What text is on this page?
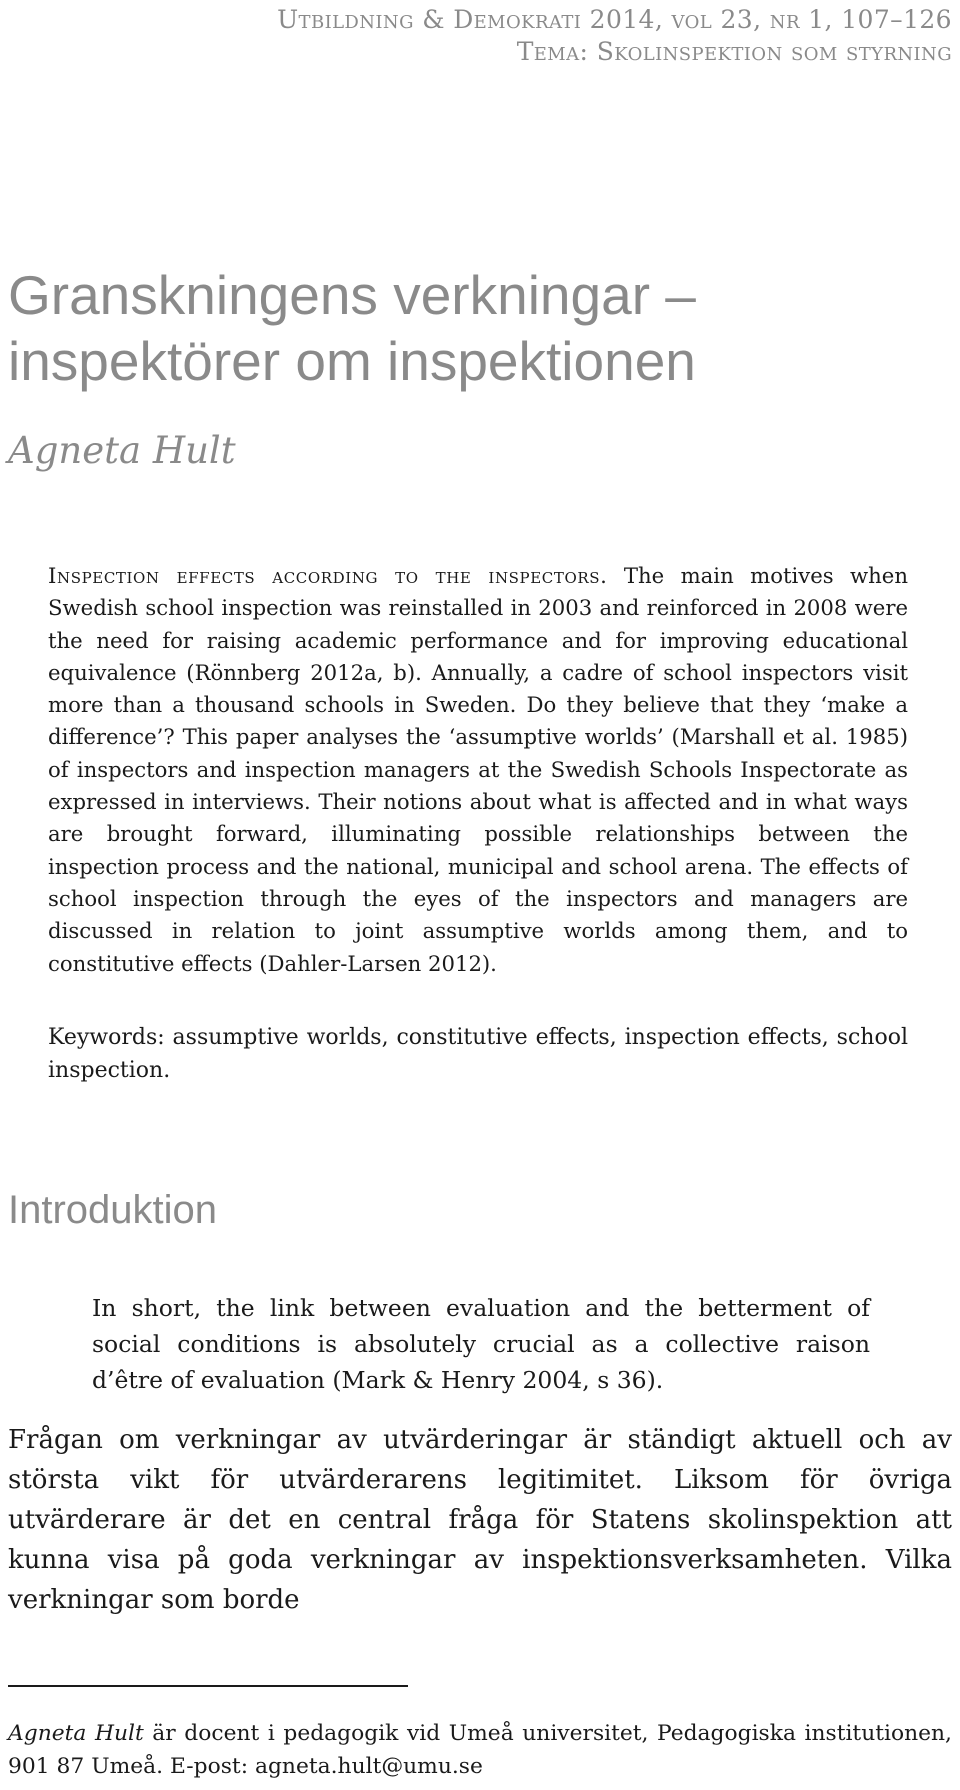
Utbildning & Demokrati 2014, vol 23, nr 1, 107–126
Tema: Skolinspektion som styrning
Granskningens verkningar –
inspektörer om inspektionen
Agneta Hult

Inspection effects according to the inspectors. The main motives when Swedish school inspection was reinstalled in 2003 and reinforced in 2008 were the need for raising academic performance and for improving educational equivalence (Rönnberg 2012a, b). Annually, a cadre of school inspectors visit more than a thousand schools in Sweden. Do they believe that they ‘make a difference’? This paper analyses the ‘assumptive worlds’ (Marshall et al. 1985) of inspectors and inspection managers at the Swedish Schools Inspectorate as expressed in interviews. Their notions about what is affected and in what ways are brought forward, illuminating possible relationships between the inspection process and the national, municipal and school arena. The effects of school inspection through the eyes of the inspectors and managers are discussed in relation to joint assumptive worlds among them, and to constitutive effects (Dahler-Larsen 2012).

Keywords: assumptive worlds, constitutive effects, inspection effects, school inspection.

Introduktion
In short, the link between evaluation and the betterment of social conditions is absolutely crucial as a collective raison d’être of evaluation (Mark & Henry 2004, s 36).

Frågan om verkningar av utvärderingar är ständigt aktuell och av största vikt för utvärderarens legitimitet. Liksom för övriga utvärderare är det en central fråga för Statens skolinspektion att kunna visa på goda verkningar av inspektionsverksamheten. Vilka verkningar som borde

Agneta Hult är docent i pedagogik vid Umeå universitet, Pedagogiska institutionen, 901 87 Umeå. E-post: agneta.hult@umu.se
